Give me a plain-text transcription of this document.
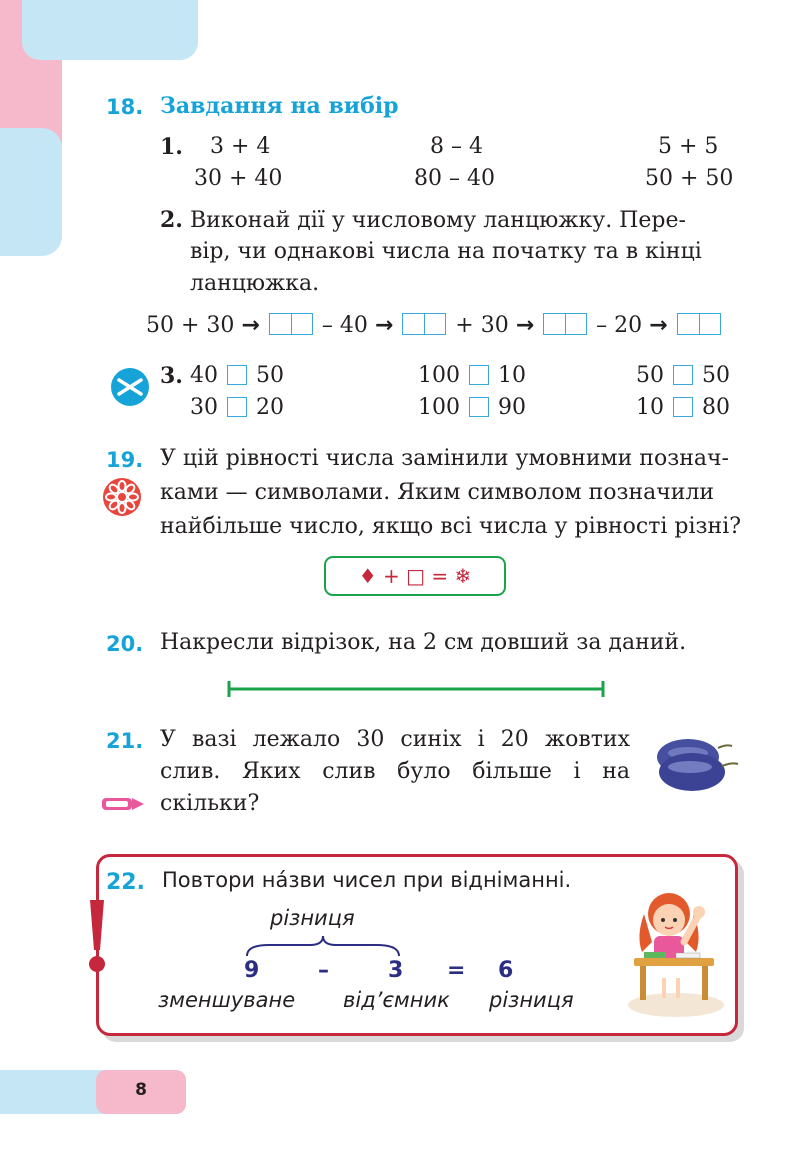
18. Завдання на вибір
1. 3 + 4	8 – 4	5 + 5
30 + 40	80 – 40	50 + 50
2. Виконай дії у числовому ланцюжку. Пере-
вір, чи однакові числа на початку та в кінці
ланцюжка.
50 + 30 →	– 40 →	+ 30 →	– 20 →
3. 40 50	100 10	50 50
30 20	100 90	10 80
19. У цій рівності числа замінили умовними познач-
ками — символами. Яким символом позначили
найбільше число, якщо всі числа у рівності різні?
♦ + □ = ❄
20. Накресли відрізок, на 2 см довший за даний.
21. У вазі лежало 30 синіх і 20 жовтих
слив. Яких слив було більше і на
скільки?
22. Повтори на́зви чисел при відніманні.
різниця
9	–	3 = 6
зменшуване від’ємник різниця
8
